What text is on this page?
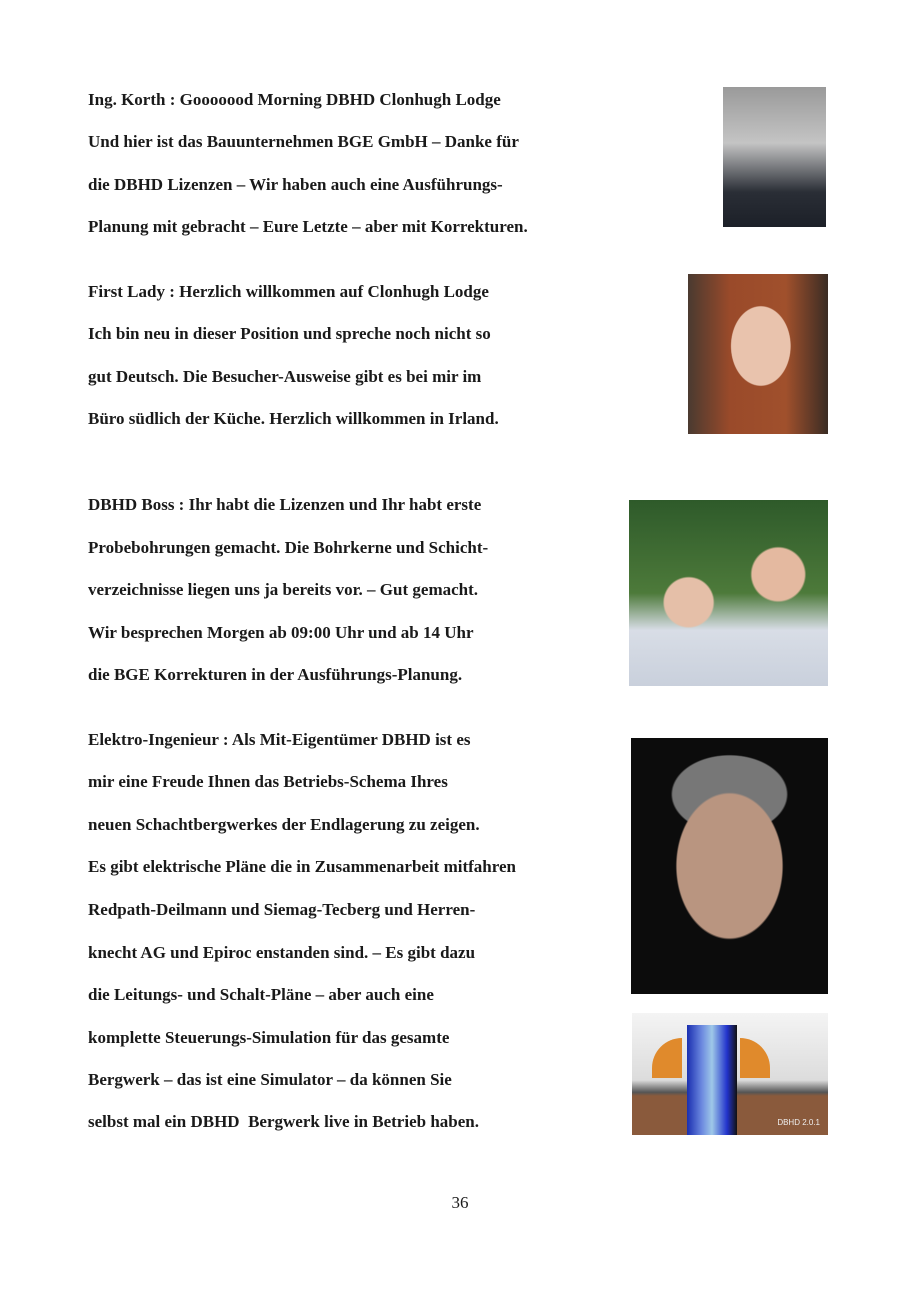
Ing. Korth : Gooooood Morning DBHD Clonhugh Lodge
Und hier ist das Bauunternehmen BGE GmbH – Danke für
die DBHD Lizenzen – Wir haben auch eine Ausführungs-
Planung mit gebracht – Eure Letzte – aber mit Korrekturen.
First Lady : Herzlich willkommen auf Clonhugh Lodge
Ich bin neu in dieser Position und spreche noch nicht so
gut Deutsch. Die Besucher-Ausweise gibt es bei mir im
Büro südlich der Küche. Herzlich willkommen in Irland.
DBHD Boss : Ihr habt die Lizenzen und Ihr habt erste
Probebohrungen gemacht. Die Bohrkerne und Schicht-
verzeichnisse liegen uns ja bereits vor. – Gut gemacht.
Wir besprechen Morgen ab 09:00 Uhr und ab 14 Uhr
die BGE Korrekturen in der Ausführungs-Planung.
Elektro-Ingenieur : Als Mit-Eigentümer DBHD ist es
mir eine Freude Ihnen das Betriebs-Schema Ihres
neuen Schachtbergwerkes der Endlagerung zu zeigen.
Es gibt elektrische Pläne die in Zusammenarbeit mitfahren
Redpath-Deilmann und Siemag-Tecberg und Herren-
knecht AG und Epiroc enstanden sind. – Es gibt dazu
die Leitungs- und Schalt-Pläne – aber auch eine
komplette Steuerungs-Simulation für das gesamte
Bergwerk – das ist eine Simulator – da können Sie
selbst mal ein DBHD  Bergwerk live in Betrieb haben.	DBHD 2.0.1
36
